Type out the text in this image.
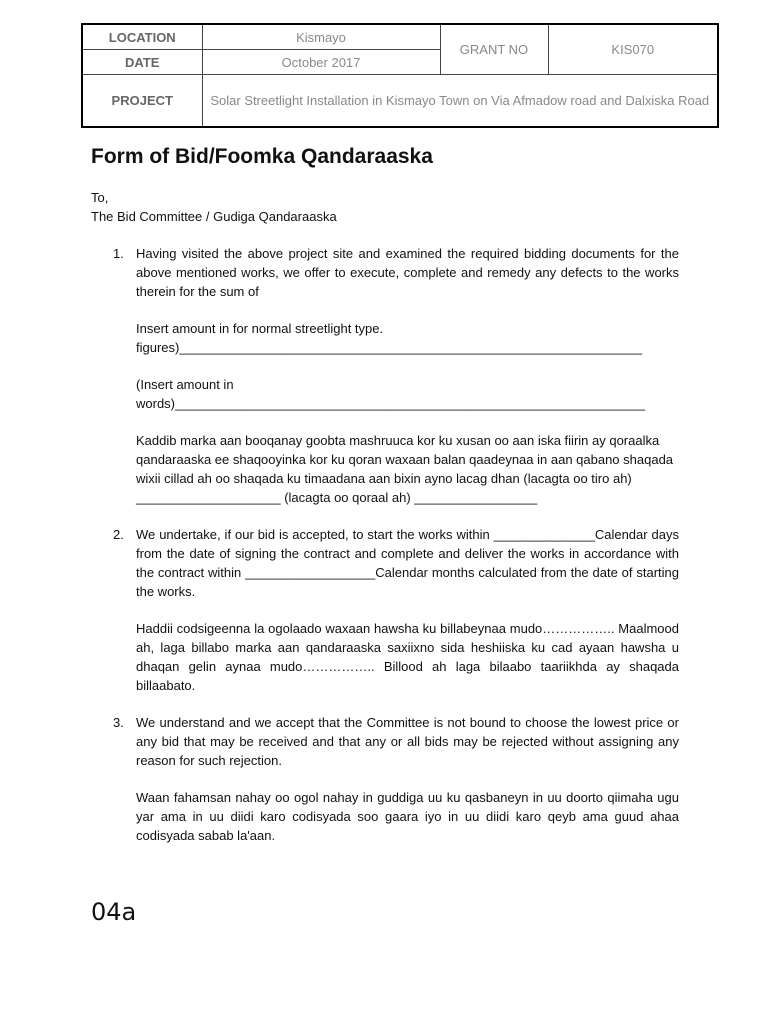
LOCATION	Kismayo	GRANT NO	KIS070
DATE	October 2017		
PROJECT	Solar Streetlight Installation in Kismayo Town on Via Afmadow road and Dalxiska Road		
Form of Bid/Foomka Qandaraaska
To,
The Bid Committee / Gudiga Qandaraaska
1. Having visited the above project site and examined the required bidding documents for the above mentioned works, we offer to execute, complete and remedy any defects to the works therein for the sum of

Insert amount in for normal streetlight type.
figures)________________________________________________________________

(Insert amount in
words)_________________________________________________________________

Kaddib marka aan booqanay goobta mashruuca kor ku xusan oo aan iska fiirin ay qoraalka qandaraaska ee shaqooyinka kor ku qoran waxaan balan qaadeynaa in aan qabano shaqada wixii cillad ah oo shaqada ku timaadana aan bixin ayno lacag dhan (lacagta oo tiro ah) ____________________ (lacagta oo qoraal ah) _________________

2. We undertake, if our bid is accepted, to start the works within ______________Calendar days from the date of signing the contract and complete and deliver the works in accordance with the contract within __________________Calendar months calculated from the date of starting the works.

Haddii codsigeenna la ogolaado waxaan hawsha ku billabeynaa mudo…………….. Maalmood ah, laga billabo marka aan qandaraaska saxiixno sida heshiiska ku cad ayaan hawsha u dhaqan gelin aynaa mudo…………….. Billood ah laga bilaabo taariikhda ay shaqada billaabato.

3. We understand and we accept that the Committee is not bound to choose the lowest price or any bid that may be received and that any or all bids may be rejected without assigning any reason for such rejection.

Waan fahamsan nahay oo ogol nahay in guddiga uu ku qasbaneyn in uu doorto qiimaha ugu yar ama in uu diidi karo codisyada soo gaara iyo in uu diidi karo qeyb ama guud ahaa codisyada sabab la'aan.

04a
